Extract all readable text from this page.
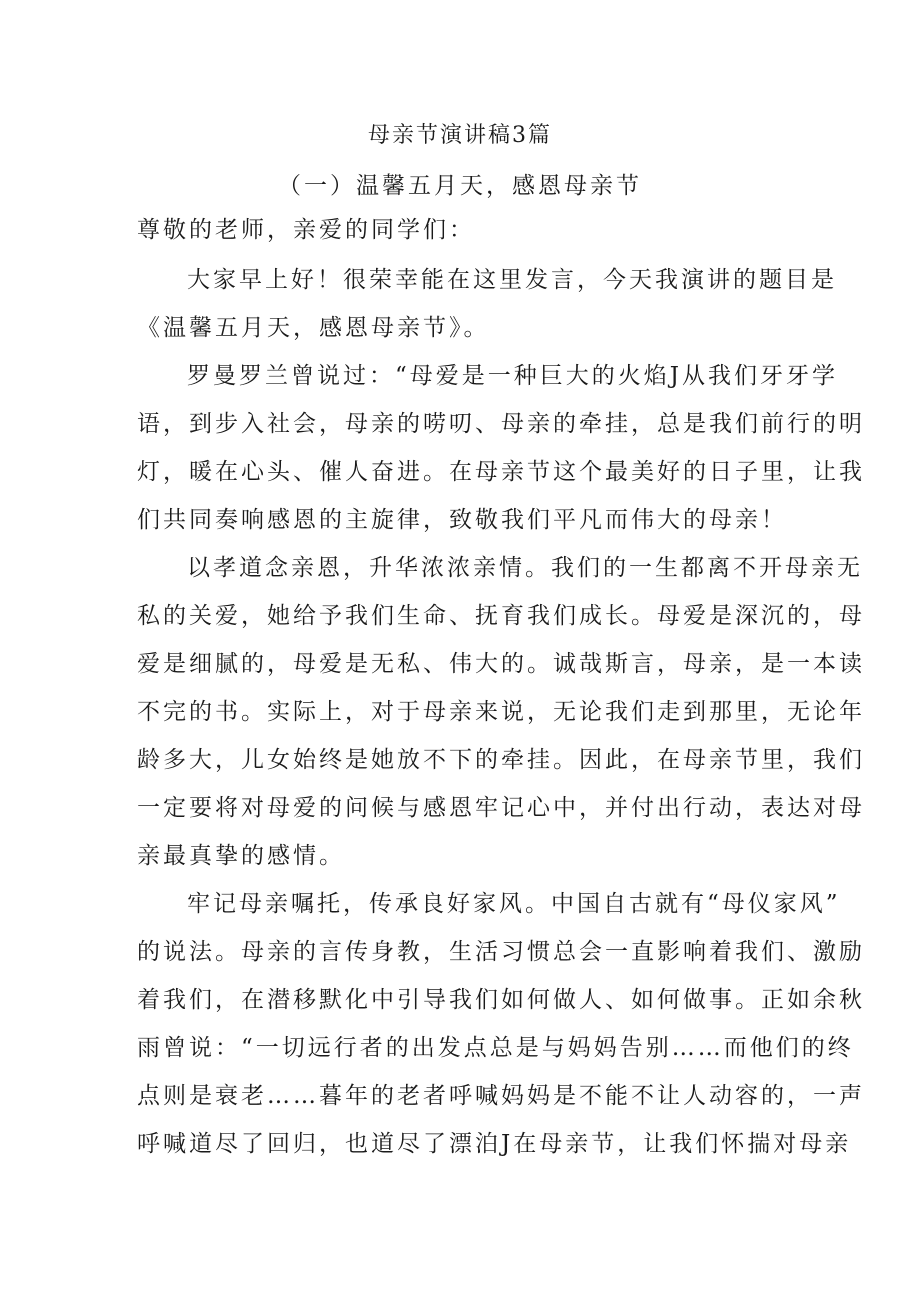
母亲节演讲稿3篇
（一）温馨五月天，感恩母亲节
尊敬的老师，亲爱的同学们：
大家早上好！很荣幸能在这里发言，今天我演讲的题目是
《温馨五月天，感恩母亲节》。
罗曼罗兰曾说过：“母爱是一种巨大的火焰J从我们牙牙学
语，到步入社会，母亲的唠叨、母亲的牵挂，总是我们前行的明
灯，暖在心头、催人奋进。在母亲节这个最美好的日子里，让我
们共同奏响感恩的主旋律，致敬我们平凡而伟大的母亲！
以孝道念亲恩，升华浓浓亲情。我们的一生都离不开母亲无
私的关爱，她给予我们生命、抚育我们成长。母爱是深沉的，母
爱是细腻的，母爱是无私、伟大的。诚哉斯言，母亲，是一本读
不完的书。实际上，对于母亲来说，无论我们走到那里，无论年
龄多大，儿女始终是她放不下的牵挂。因此，在母亲节里，我们
一定要将对母爱的问候与感恩牢记心中，并付出行动，表达对母
亲最真挚的感情。
牢记母亲嘱托，传承良好家风。中国自古就有“母仪家风”
的说法。母亲的言传身教，生活习惯总会一直影响着我们、激励
着我们，在潜移默化中引导我们如何做人、如何做事。正如余秋
雨曾说：“一切远行者的出发点总是与妈妈告别……而他们的终
点则是衰老……暮年的老者呼喊妈妈是不能不让人动容的，一声
呼喊道尽了回归，也道尽了漂泊J在母亲节，让我们怀揣对母亲
